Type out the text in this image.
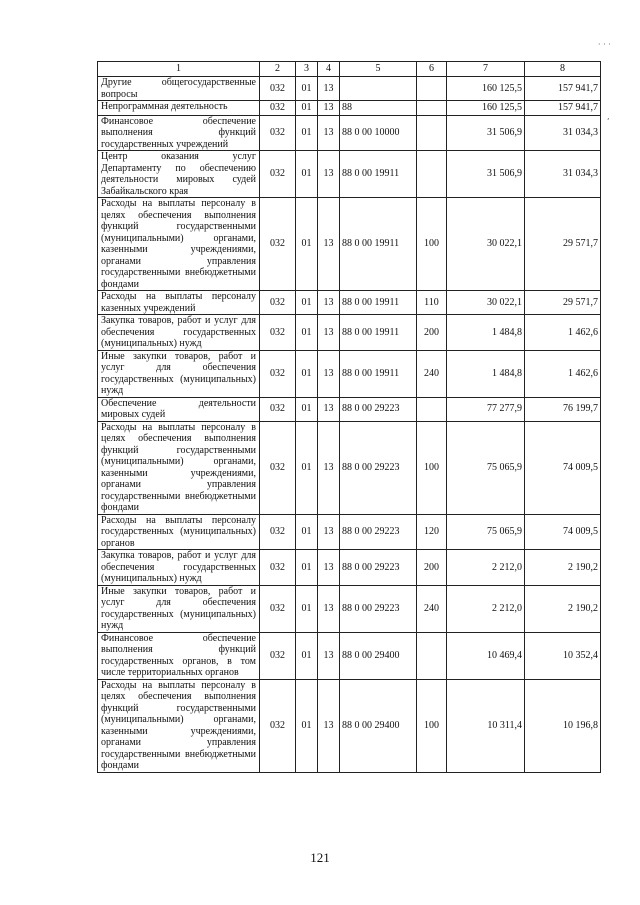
1	2	3	4	5	6	7	8
Другие общегосударственные вопросы	032	01	13			160 125,5	157 941,7
Непрограммная деятельность	032	01	13	88		160 125,5	157 941,7
Финансовое обеспечение выполнения функций государственных учреждений	032	01	13	88 0 00 10000		31 506,9	31 034,3
Центр оказания услуг Департаменту по обеспечению деятельности мировых судей Забайкальского края	032	01	13	88 0 00 19911		31 506,9	31 034,3
Расходы на выплаты персоналу в целях обеспечения выполнения функций государственными (муниципальными) органами, казенными учреждениями, органами управления государственными внебюджетными фондами	032	01	13	88 0 00 19911	100	30 022,1	29 571,7
Расходы на выплаты персоналу казенных учреждений	032	01	13	88 0 00 19911	110	30 022,1	29 571,7
Закупка товаров, работ и услуг для обеспечения государственных (муниципальных) нужд	032	01	13	88 0 00 19911	200	1 484,8	1 462,6
Иные закупки товаров, работ и услуг для обеспечения государственных (муниципальных) нужд	032	01	13	88 0 00 19911	240	1 484,8	1 462,6
Обеспечение деятельности мировых судей	032	01	13	88 0 00 29223		77 277,9	76 199,7
Расходы на выплаты персоналу в целях обеспечения выполнения функций государственными (муниципальными) органами, казенными учреждениями, органами управления государственными внебюджетными фондами	032	01	13	88 0 00 29223	100	75 065,9	74 009,5
Расходы на выплаты персоналу государственных (муниципальных) органов	032	01	13	88 0 00 29223	120	75 065,9	74 009,5
Закупка товаров, работ и услуг для обеспечения государственных (муниципальных) нужд	032	01	13	88 0 00 29223	200	2 212,0	2 190,2
Иные закупки товаров, работ и услуг для обеспечения государственных (муниципальных) нужд	032	01	13	88 0 00 29223	240	2 212,0	2 190,2
Финансовое обеспечение выполнения функций государственных органов, в том числе территориальных органов	032	01	13	88 0 00 29400		10 469,4	10 352,4
Расходы на выплаты персоналу в целях обеспечения выполнения функций государственными (муниципальными) органами, казенными учреждениями, органами управления государственными внебюджетными фондами	032	01	13	88 0 00 29400	100	10 311,4	10 196,8
121
· · ·
,
